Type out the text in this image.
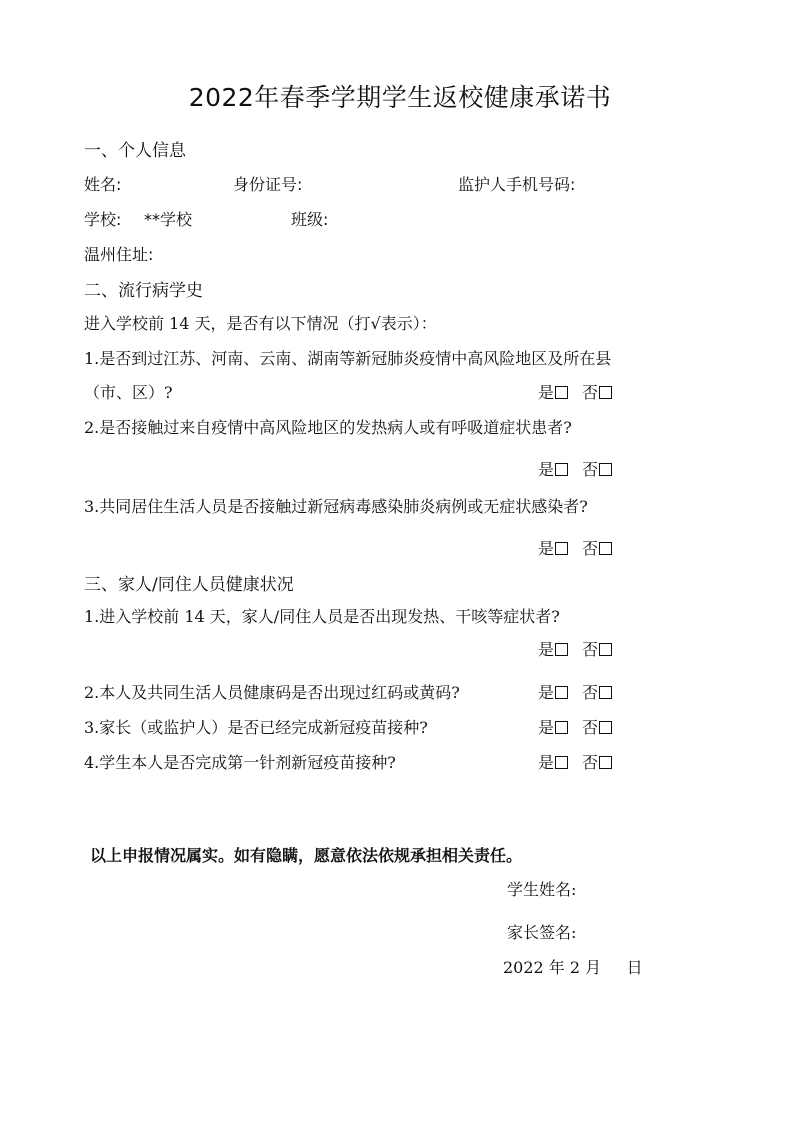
2022年春季学期学生返校健康承诺书
一、个人信息
姓名:	身份证号:	监护人手机号码:
学校: **学校	班级:
温州住址:
二、流行病学史
进入学校前 14 天，是否有以下情况（打√表示）：
1.是否到过江苏、河南、云南、湖南等新冠肺炎疫情中高风险地区及所在县
（市、区）?	是 否
2.是否接触过来自疫情中高风险地区的发热病人或有呼吸道症状患者?
是 否
3.共同居住生活人员是否接触过新冠病毒感染肺炎病例或无症状感染者?
是 否
三、家人/同住人员健康状况
1.进入学校前 14 天，家人/同住人员是否出现发热、干咳等症状者?
是 否
2.本人及共同生活人员健康码是否出现过红码或黄码?	是 否
3.家长（或监护人）是否已经完成新冠疫苗接种?	是 否
4.学生本人是否完成第一针剂新冠疫苗接种?	是 否
以上申报情况属实。如有隐瞒，愿意依法依规承担相关责任。
学生姓名:
家长签名:
2022 年 2 月     日
